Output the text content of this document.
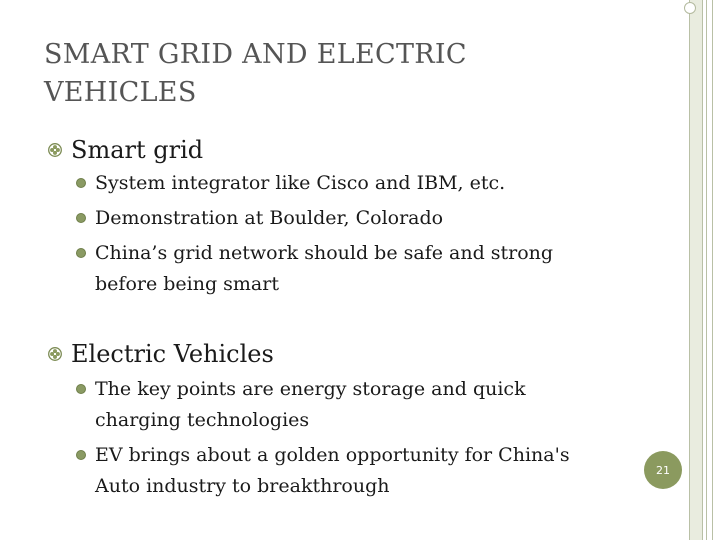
SMART GRID AND ELECTRIC
VEHICLES
Smart grid
System integrator like Cisco and IBM, etc.
Demonstration at Boulder, Colorado
China’s grid network should be safe and strong
before being smart
Electric Vehicles
The key points are energy storage and quick
charging technologies
EV brings about a golden opportunity for China's
Auto industry to breakthrough
21
